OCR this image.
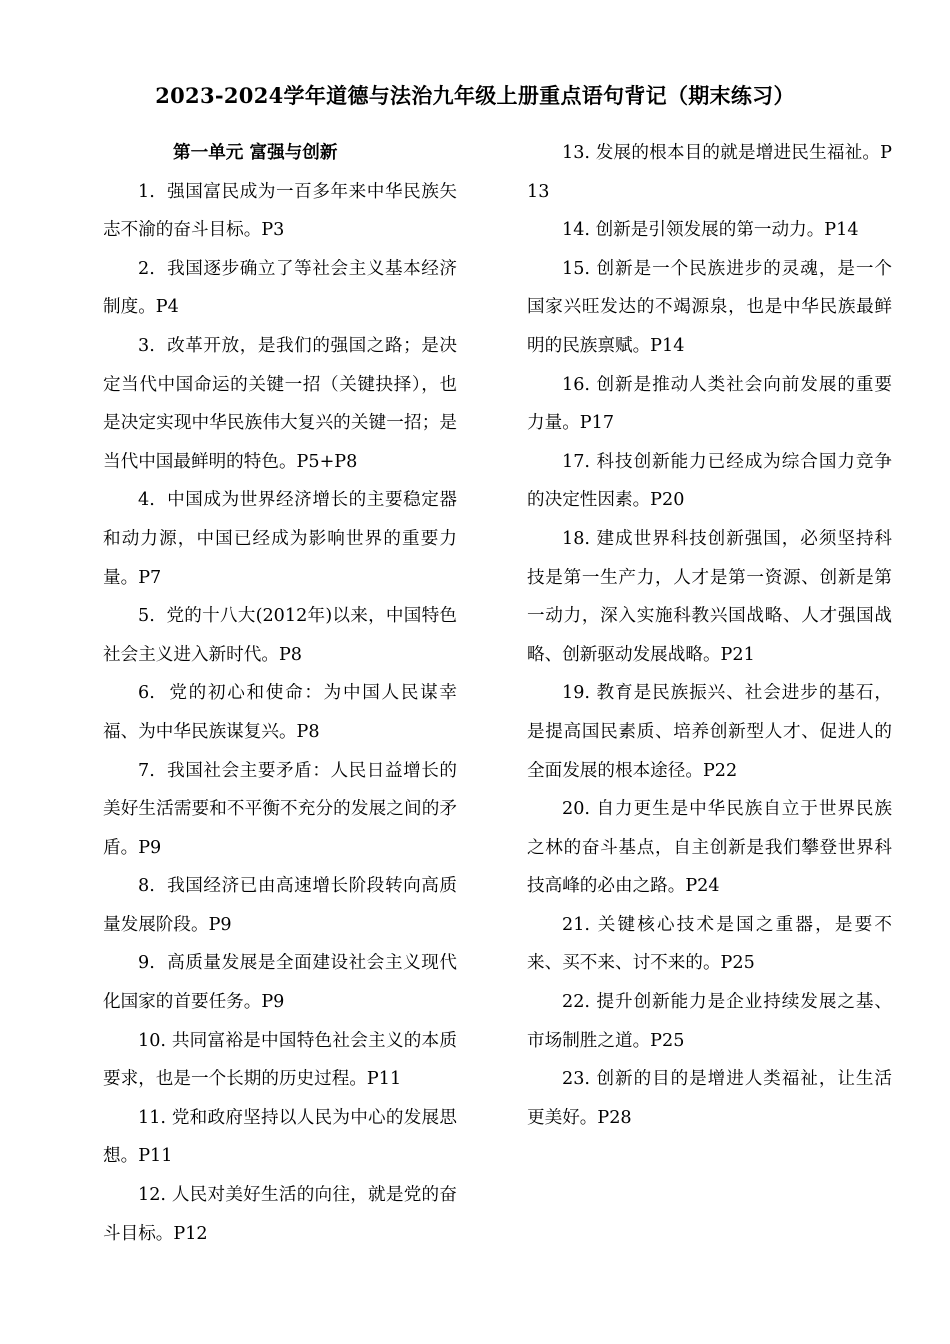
2023-2024学年道德与法治九年级上册重点语句背记（期末练习）

第一单元 富强与创新

1. 强国富民成为一百多年来中华民族矢志不渝的奋斗目标。P3

2. 我国逐步确立了等社会主义基本经济制度。P4

3. 改革开放，是我们的强国之路；是决定当代中国命运的关键一招（关键抉择），也是决定实现中华民族伟大复兴的关键一招；是当代中国最鲜明的特色。P5+P8

4. 中国成为世界经济增长的主要稳定器和动力源，中国已经成为影响世界的重要力量。P7

5. 党的十八大(2012年)以来，中国特色社会主义进入新时代。P8

6. 党的初心和使命：为中国人民谋幸福、为中华民族谋复兴。P8

7. 我国社会主要矛盾：人民日益增长的美好生活需要和不平衡不充分的发展之间的矛盾。P9

8. 我国经济已由高速增长阶段转向高质量发展阶段。P9

9. 高质量发展是全面建设社会主义现代化国家的首要任务。P9

10. 共同富裕是中国特色社会主义的本质要求，也是一个长期的历史过程。P11

11. 党和政府坚持以人民为中心的发展思想。P11

12. 人民对美好生活的向往，就是党的奋斗目标。P12

13. 发展的根本目的就是增进民生福祉。P13

14. 创新是引领发展的第一动力。P14

15. 创新是一个民族进步的灵魂，是一个国家兴旺发达的不竭源泉，也是中华民族最鲜明的民族禀赋。P14

16. 创新是推动人类社会向前发展的重要力量。P17

17. 科技创新能力已经成为综合国力竞争的决定性因素。P20

18. 建成世界科技创新强国，必须坚持科技是第一生产力，人才是第一资源、创新是第一动力，深入实施科教兴国战略、人才强国战略、创新驱动发展战略。P21

19. 教育是民族振兴、社会进步的基石，是提高国民素质、培养创新型人才、促进人的全面发展的根本途径。P22

20. 自力更生是中华民族自立于世界民族之林的奋斗基点，自主创新是我们攀登世界科技高峰的必由之路。P24

21. 关键核心技术是国之重器，是要不来、买不来、讨不来的。P25

22. 提升创新能力是企业持续发展之基、市场制胜之道。P25

23. 创新的目的是增进人类福祉，让生活更美好。P28
